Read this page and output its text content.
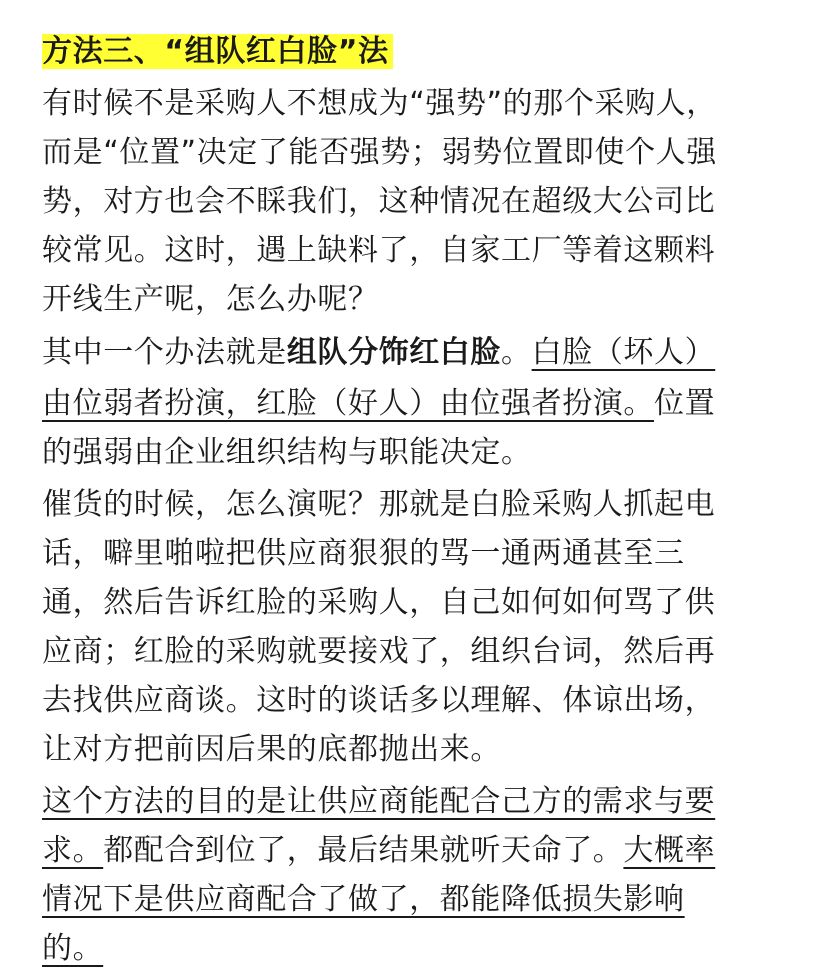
方法三、“组队红白脸”法
有时候不是采购人不想成为“强势”的那个采购人，
而是“位置”决定了能否强势；弱势位置即使个人强
势，对方也会不睬我们，这种情况在超级大公司比
较常见。这时，遇上缺料了，自家工厂等着这颗料
开线生产呢，怎么办呢？
其中一个办法就是组队分饰红白脸。白脸（坏人）
由位弱者扮演，红脸（好人）由位强者扮演。位置
的强弱由企业组织结构与职能决定。
催货的时候，怎么演呢？那就是白脸采购人抓起电
话，噼里啪啦把供应商狠狠的骂一通两通甚至三
通，然后告诉红脸的采购人，自己如何如何骂了供
应商；红脸的采购就要接戏了，组织台词，然后再
去找供应商谈。这时的谈话多以理解、体谅出场，
让对方把前因后果的底都抛出来。
这个方法的目的是让供应商能配合己方的需求与要
求。都配合到位了，最后结果就听天命了。大概率
情况下是供应商配合了做了，都能降低损失影响
的。
